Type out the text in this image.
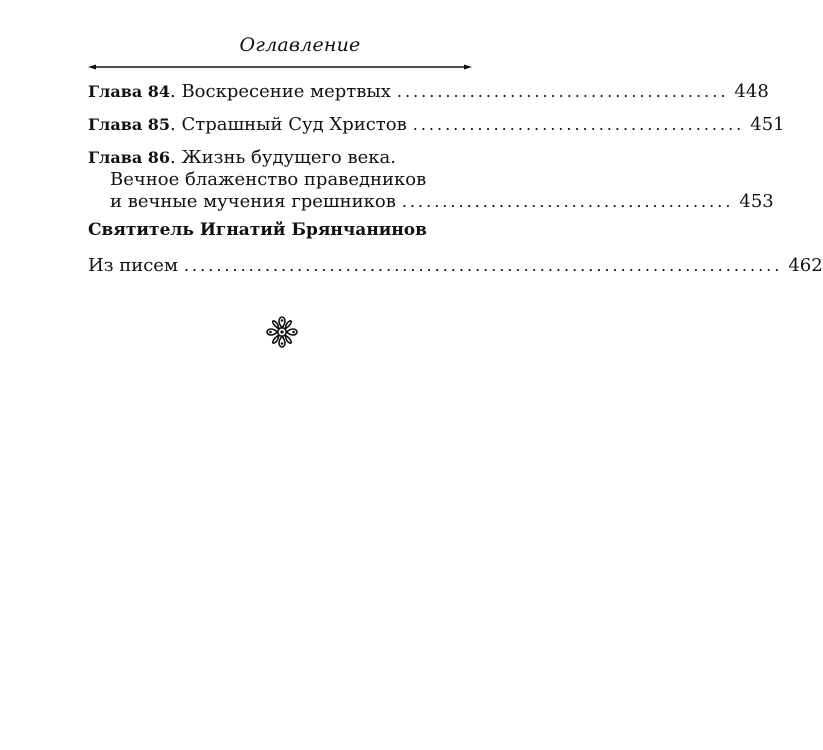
Оглавление
Глава 84 . Воскресение мертвых ......................................... 448
Глава 85 . Страшный Суд Христов ......................................... 451
Глава 86 . Жизнь будущего века.
Вечное блаженство праведников
и вечные мучения грешников ......................................... 453
Святитель Игнатий Брянчанинов
Из писем .......................................................................... 462
